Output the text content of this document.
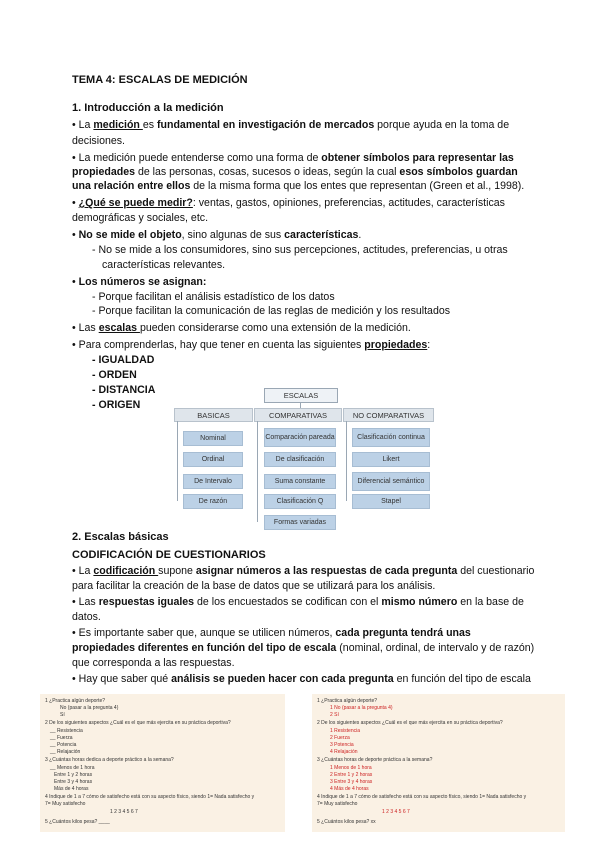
TEMA 4: ESCALAS DE MEDICIÓN
1. Introducción a la medición
• La medición es fundamental en investigación de mercados porque ayuda en la toma de
decisiones.
• La medición puede entenderse como una forma de obtener símbolos para representar las
propiedades de las personas, cosas, sucesos o ideas, según la cual esos símbolos guardan
una relación entre ellos de la misma forma que los entes que representan (Green et al., 1998).
• ¿Qué se puede medir?: ventas, gastos, opiniones, preferencias, actitudes, características
demográficas y sociales, etc.
• No se mide el objeto, sino algunas de sus características.
- No se mide a los consumidores, sino sus percepciones, actitudes, preferencias, u otras
características relevantes.
• Los números se asignan:
- Porque facilitan el análisis estadístico de los datos
- Porque facilitan la comunicación de las reglas de medición y los resultados
• Las escalas pueden considerarse como una extensión de la medición.
• Para comprenderlas, hay que tener en cuenta las siguientes propiedades:
- IGUALDAD
- ORDEN
- DISTANCIA
- ORIGEN
ESCALAS
BASICAS	COMPARATIVAS	NO COMPARATIVAS
Nominal
Ordinal
De Intervalo
De razón
Comparación pareada
De clasificación
Suma constante
Clasificación Q
Formas variadas
Clasificación continua
Likert
Diferencial semántico
Stapel
2. Escalas básicas
CODIFICACIÓN DE CUESTIONARIOS
• La codificación supone asignar números a las respuestas de cada pregunta del cuestionario
para facilitar la creación de la base de datos que se utilizará para los análisis.
• Las respuestas iguales de los encuestados se codifican con el mismo número en la base de
datos.
• Es importante saber que, aunque se utilicen números, cada pregunta tendrá unas
propiedades diferentes en función del tipo de escala (nominal, ordinal, de intervalo y de razón)
que corresponda a las respuestas.
• Hay que saber qué análisis se pueden hacer con cada pregunta en función del tipo de escala
1 ¿Practica algún deporte?
No (pasar a la pregunta 4)
Sí
2 De los siguientes aspectos ¿Cuál es el que más ejercita en su práctica deportiva?
__ Resistencia
__ Fuerza
__ Potencia
__ Relajación
3 ¿Cuántas horas dedica a deporte práctico a la semana?
__ Menos de 1 hora
Entre 1 y 2 horas
Entre 3 y 4 horas
Más de 4 horas
4 Indique de 1 a 7 cómo de satisfecho está con su aspecto físico, siendo 1= Nada satisfecho y
7= Muy satisfecho
1 2 3 4 5 6 7
5 ¿Cuántos kilos pesa? ____
1 ¿Practica algún deporte?
1 No (pasar a la pregunta 4)
2 Sí
2 De los siguientes aspectos ¿Cuál es el que más ejercita en su práctica deportiva?
1 Resistencia
2 Fuerza
3 Potencia
4 Relajación
3 ¿Cuántas horas de deporte práctica a la semana?
1 Menos de 1 hora
2 Entre 1 y 2 horas
3 Entre 3 y 4 horas
4 Más de 4 horas
4 Indique de 1 a 7 cómo de satisfecho está con su aspecto físico, siendo 1= Nada satisfecho y
7= Muy satisfecho
1 2 3 4 5 6 7
5 ¿Cuántos kilos pesa? xx
